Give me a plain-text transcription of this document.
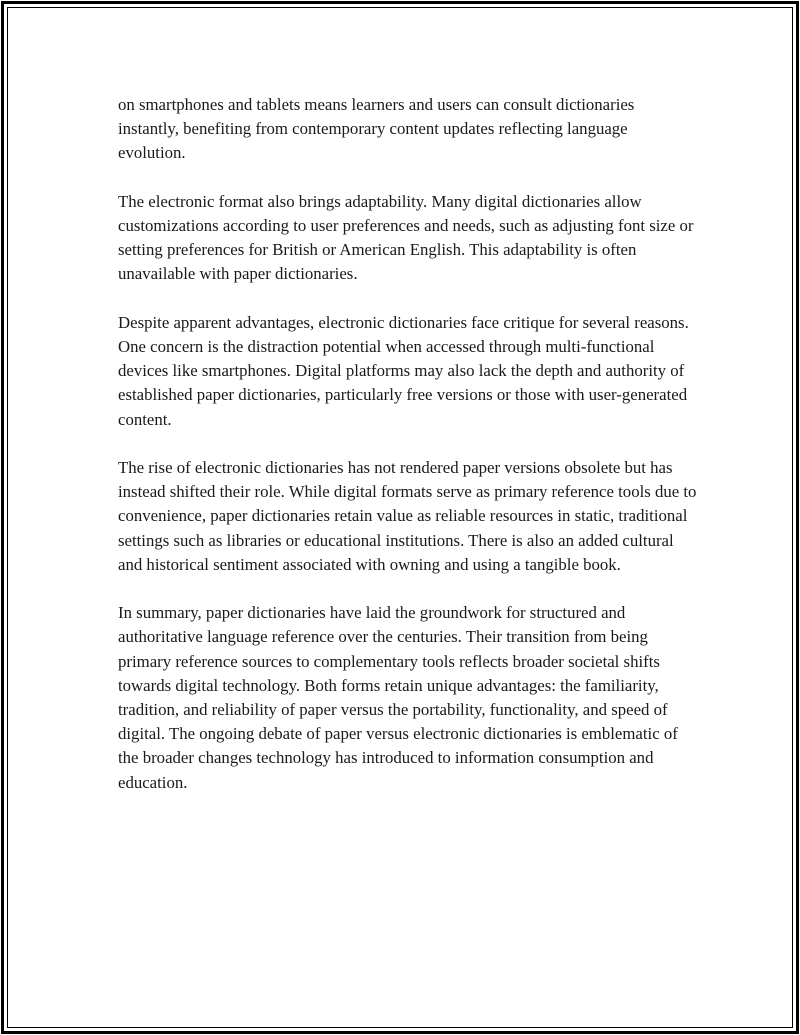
on smartphones and tablets means learners and users can consult dictionaries instantly, benefiting from contemporary content updates reflecting language evolution.

The electronic format also brings adaptability. Many digital dictionaries allow customizations according to user preferences and needs, such as adjusting font size or setting preferences for British or American English. This adaptability is often unavailable with paper dictionaries.

Despite apparent advantages, electronic dictionaries face critique for several reasons. One concern is the distraction potential when accessed through multi-functional devices like smartphones. Digital platforms may also lack the depth and authority of established paper dictionaries, particularly free versions or those with user-generated content.

The rise of electronic dictionaries has not rendered paper versions obsolete but has instead shifted their role. While digital formats serve as primary reference tools due to convenience, paper dictionaries retain value as reliable resources in static, traditional settings such as libraries or educational institutions. There is also an added cultural and historical sentiment associated with owning and using a tangible book.

In summary, paper dictionaries have laid the groundwork for structured and authoritative language reference over the centuries. Their transition from being primary reference sources to complementary tools reflects broader societal shifts towards digital technology. Both forms retain unique advantages: the familiarity, tradition, and reliability of paper versus the portability, functionality, and speed of digital. The ongoing debate of paper versus electronic dictionaries is emblematic of the broader changes technology has introduced to information consumption and education.
